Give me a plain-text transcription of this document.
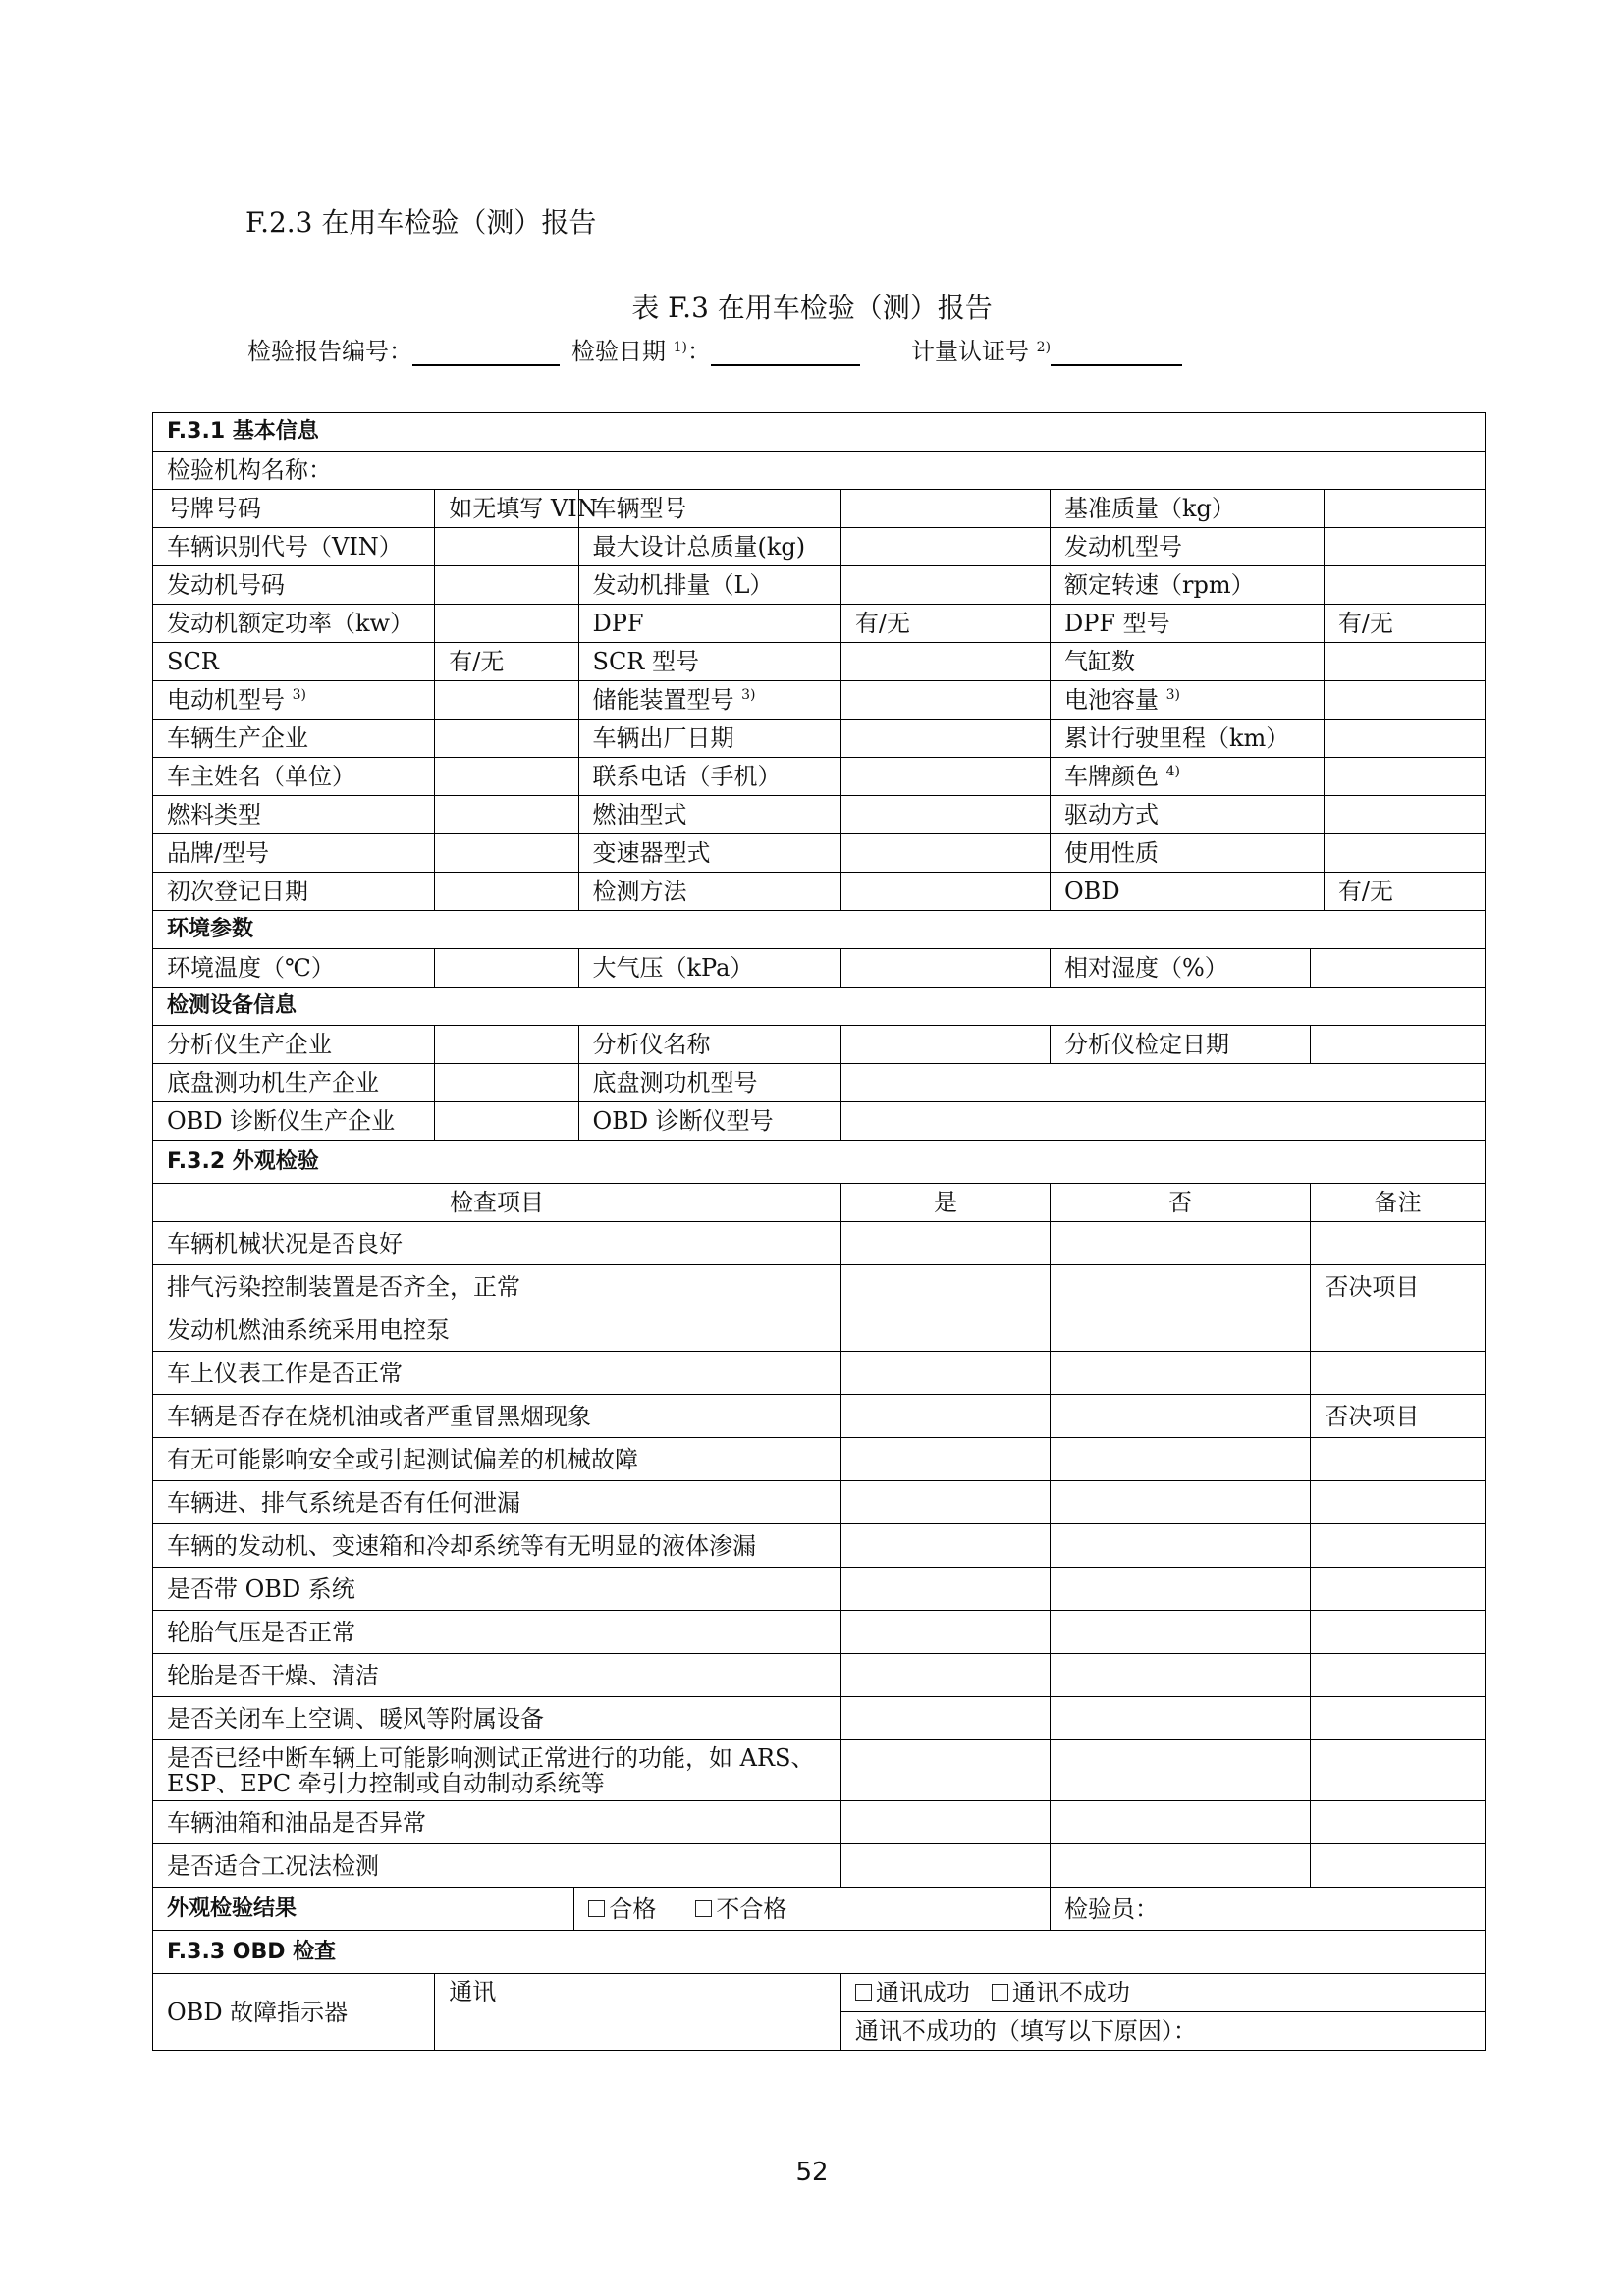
F.2.3 在用车检验（测）报告
表 F.3 在用车检验（测）报告
检验报告编号：	检验日期 $^{1)}$：	计量认证号 $^{2)}$
F.3.1 基本信息							
检验机构名称：							
号牌号码	如无填写 VIN		车辆型号		基准质量（kg）		
车辆识别代号（VIN）			最大设计总质量(kg)		发动机型号		
发动机号码			发动机排量（L）		额定转速（rpm）		
发动机额定功率（kw）			DPF	有/无	DPF 型号		有/无
SCR	有/无		SCR 型号		气缸数		
电动机型号 $^{3)}$			储能装置型号 $^{3)}$		电池容量 $^{3)}$	
车辆生产企业			车辆出厂日期		累计行驶里程（km）		
车主姓名（单位）			联系电话（手机）		车牌颜色 $^{4)}$	
燃料类型			燃油型式		驱动方式		
品牌/型号			变速器型式		使用性质		
初次登记日期			检测方法		OBD		有/无
环境参数							
环境温度（℃）			大气压（kPa）		相对湿度（%）		
检测设备信息							
分析仪生产企业			分析仪名称		分析仪检定日期		
底盘测功机生产企业			底盘测功机型号				
OBD 诊断仪生产企业			OBD 诊断仪型号				
F.3.2 外观检验							
检查项目				是	否	备注	
车辆机械状况是否良好							
排气污染控制装置是否齐全，正常						否决项目	
发动机燃油系统采用电控泵							
车上仪表工作是否正常							
车辆是否存在烧机油或者严重冒黑烟现象						否决项目	
有无可能影响安全或引起测试偏差的机械故障							
车辆进、排气系统是否有任何泄漏							
车辆的发动机、变速箱和冷却系统等有无明显的液体渗漏							
是否带 OBD 系统							
轮胎气压是否正常							
轮胎是否干燥、清洁							
是否关闭车上空调、暖风等附属设备							
是否已经中断车辆上可能影响测试正常进行的功能，如 ARS、ESP、EPC 牵引力控制或自动制动系统等							
车辆油箱和油品是否异常							
是否适合工况法检测							
外观检验结果		合格 不合格			检验员：		
F.3.3 OBD 检查							
OBD 故障指示器	通讯			通讯成功 通讯不成功			
				通讯不成功的（填写以下原因）：			
52
